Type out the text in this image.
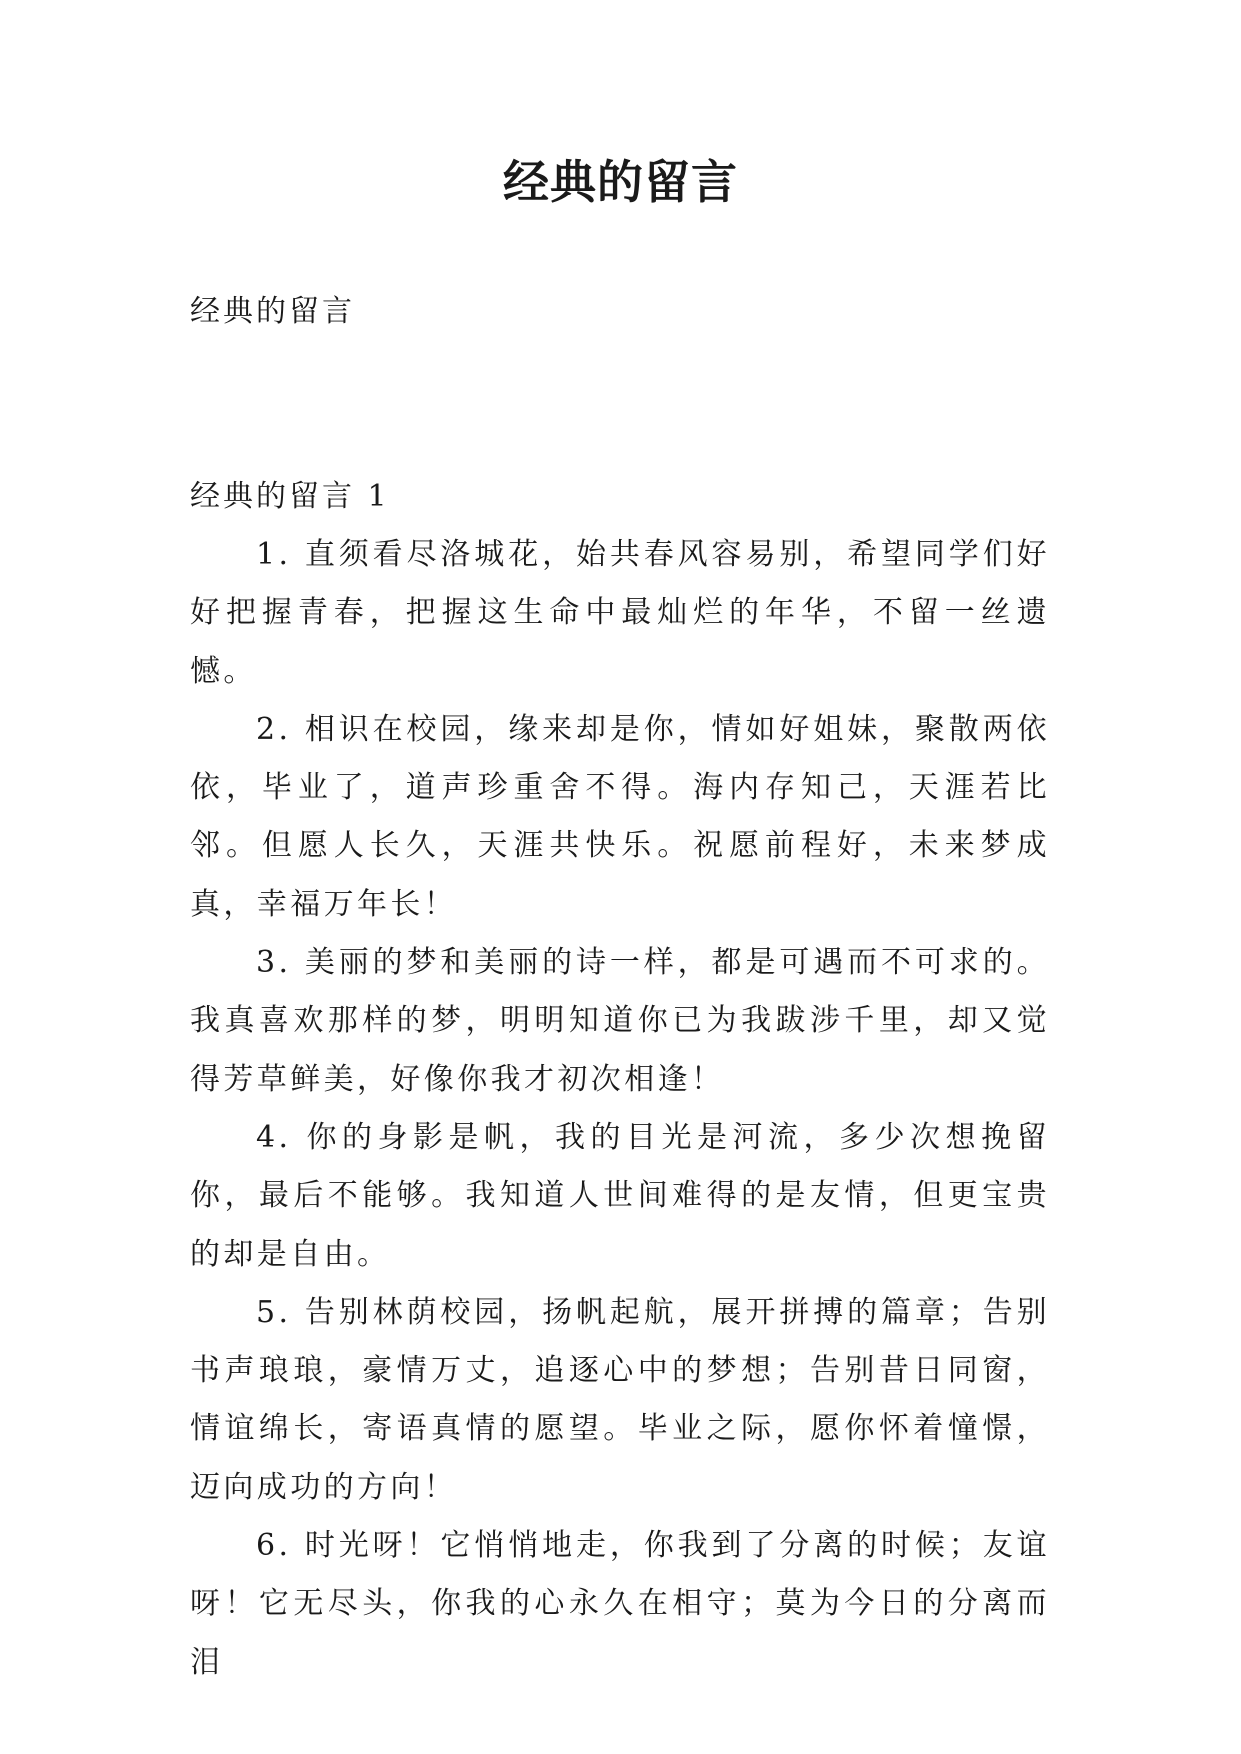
经典的留言

经典的留言

经典的留言 1

1. 直须看尽洛城花，始共春风容易别，希望同学们好好把握青春，把握这生命中最灿烂的年华，不留一丝遗憾。

2. 相识在校园，缘来却是你，情如好姐妹，聚散两依依，毕业了，道声珍重舍不得。海内存知己，天涯若比邻。但愿人长久，天涯共快乐。祝愿前程好，未来梦成真，幸福万年长！

3. 美丽的梦和美丽的诗一样，都是可遇而不可求的。我真喜欢那样的梦，明明知道你已为我跋涉千里，却又觉得芳草鲜美，好像你我才初次相逢！

4. 你的身影是帆，我的目光是河流，多少次想挽留你，最后不能够。我知道人世间难得的是友情，但更宝贵的却是自由。

5. 告别林荫校园，扬帆起航，展开拼搏的篇章；告别书声琅琅，豪情万丈，追逐心中的梦想；告别昔日同窗，情谊绵长，寄语真情的愿望。毕业之际，愿你怀着憧憬，迈向成功的方向！

6. 时光呀！它悄悄地走，你我到了分离的时候；友谊呀！它无尽头，你我的心永久在相守；莫为今日的分离而泪
